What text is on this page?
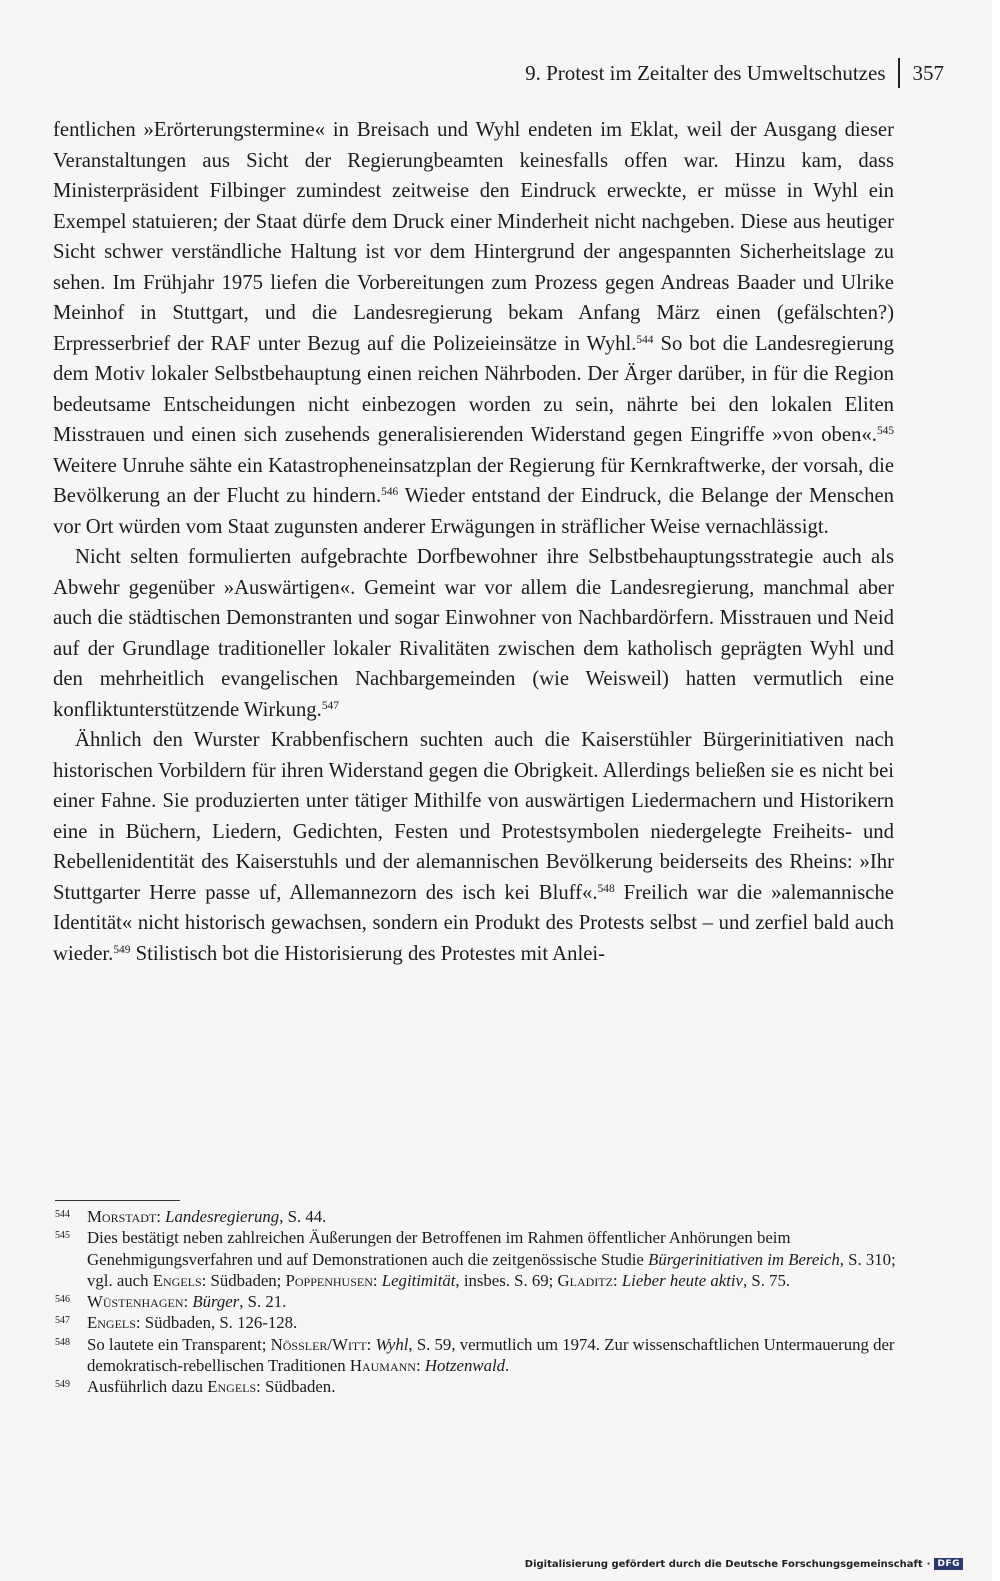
9. Protest im Zeitalter des Umweltschutzes 357

fentlichen »Erörterungstermine« in Breisach und Wyhl endeten im Eklat, weil der Ausgang dieser Veranstaltungen aus Sicht der Regierungbeamten keinesfalls offen war. Hinzu kam, dass Ministerpräsident Filbinger zumindest zeitweise den Eindruck erweckte, er müsse in Wyhl ein Exempel statuieren; der Staat dürfe dem Druck einer Minderheit nicht nachgeben. Diese aus heutiger Sicht schwer verständliche Haltung ist vor dem Hintergrund der angespannten Sicherheitslage zu sehen. Im Frühjahr 1975 liefen die Vorbereitungen zum Prozess gegen Andreas Baader und Ulrike Meinhof in Stuttgart, und die Landesregierung bekam Anfang März einen (gefälschten?) Erpresserbrief der RAF unter Bezug auf die Polizeieinsätze in Wyhl.$^{544}$ So bot die Landesregierung dem Motiv lokaler Selbstbehauptung einen reichen Nährboden. Der Ärger darüber, in für die Region bedeutsame Entscheidungen nicht einbezogen worden zu sein, nährte bei den lokalen Eliten Misstrauen und einen sich zusehends generalisierenden Widerstand gegen Eingriffe »von oben«.$^{545}$ Weitere Unruhe sähte ein Katastropheneinsatzplan der Regierung für Kernkraftwerke, der vorsah, die Bevölkerung an der Flucht zu hindern.$^{546}$ Wieder entstand der Eindruck, die Belange der Menschen vor Ort würden vom Staat zugunsten anderer Erwägungen in sträflicher Weise vernachlässigt.

Nicht selten formulierten aufgebrachte Dorfbewohner ihre Selbstbehauptungsstrategie auch als Abwehr gegenüber »Auswärtigen«. Gemeint war vor allem die Landesregierung, manchmal aber auch die städtischen Demonstranten und sogar Einwohner von Nachbardörfern. Misstrauen und Neid auf der Grundlage traditioneller lokaler Rivalitäten zwischen dem katholisch geprägten Wyhl und den mehrheitlich evangelischen Nachbargemeinden (wie Weisweil) hatten vermutlich eine konfliktunterstützende Wirkung.$^{547}$

Ähnlich den Wurster Krabbenfischern suchten auch die Kaiserstühler Bürgerinitiativen nach historischen Vorbildern für ihren Widerstand gegen die Obrigkeit. Allerdings beließen sie es nicht bei einer Fahne. Sie produzierten unter tätiger Mithilfe von auswärtigen Liedermachern und Historikern eine in Büchern, Liedern, Gedichten, Festen und Protestsymbolen niedergelegte Freiheits- und Rebellenidentität des Kaiserstuhls und der alemannischen Bevölkerung beiderseits des Rheins: »Ihr Stuttgarter Herre passe uf, Allemannezorn des isch kei Bluff«.$^{548}$ Freilich war die »alemannische Identität« nicht historisch gewachsen, sondern ein Produkt des Protests selbst – und zerfiel bald auch wieder.$^{549}$ Stilistisch bot die Historisierung des Protestes mit Anlei-

544	Morstadt: Landesregierung, S. 44.
545	Dies bestätigt neben zahlreichen Äußerungen der Betroffenen im Rahmen öffentlicher Anhörungen beim Genehmigungsverfahren und auf Demonstrationen auch die zeitgenössische Studie Bürgerinitiativen im Bereich, S. 310; vgl. auch Engels: Südbaden; Poppenhusen: Legitimität, insbes. S. 69; Gladitz: Lieber heute aktiv, S. 75.
546	Wüstenhagen: Bürger, S. 21.
547	Engels: Südbaden, S. 126-128.
548	So lautete ein Transparent; Nössler/Witt: Wyhl, S. 59, vermutlich um 1974. Zur wissenschaftlichen Untermauerung der demokratisch-rebellischen Traditionen Haumann: Hotzenwald.
549	Ausführlich dazu Engels: Südbaden.
Digitalisierung gefördert durch die Deutsche Forschungsgemeinschaft · DFG
